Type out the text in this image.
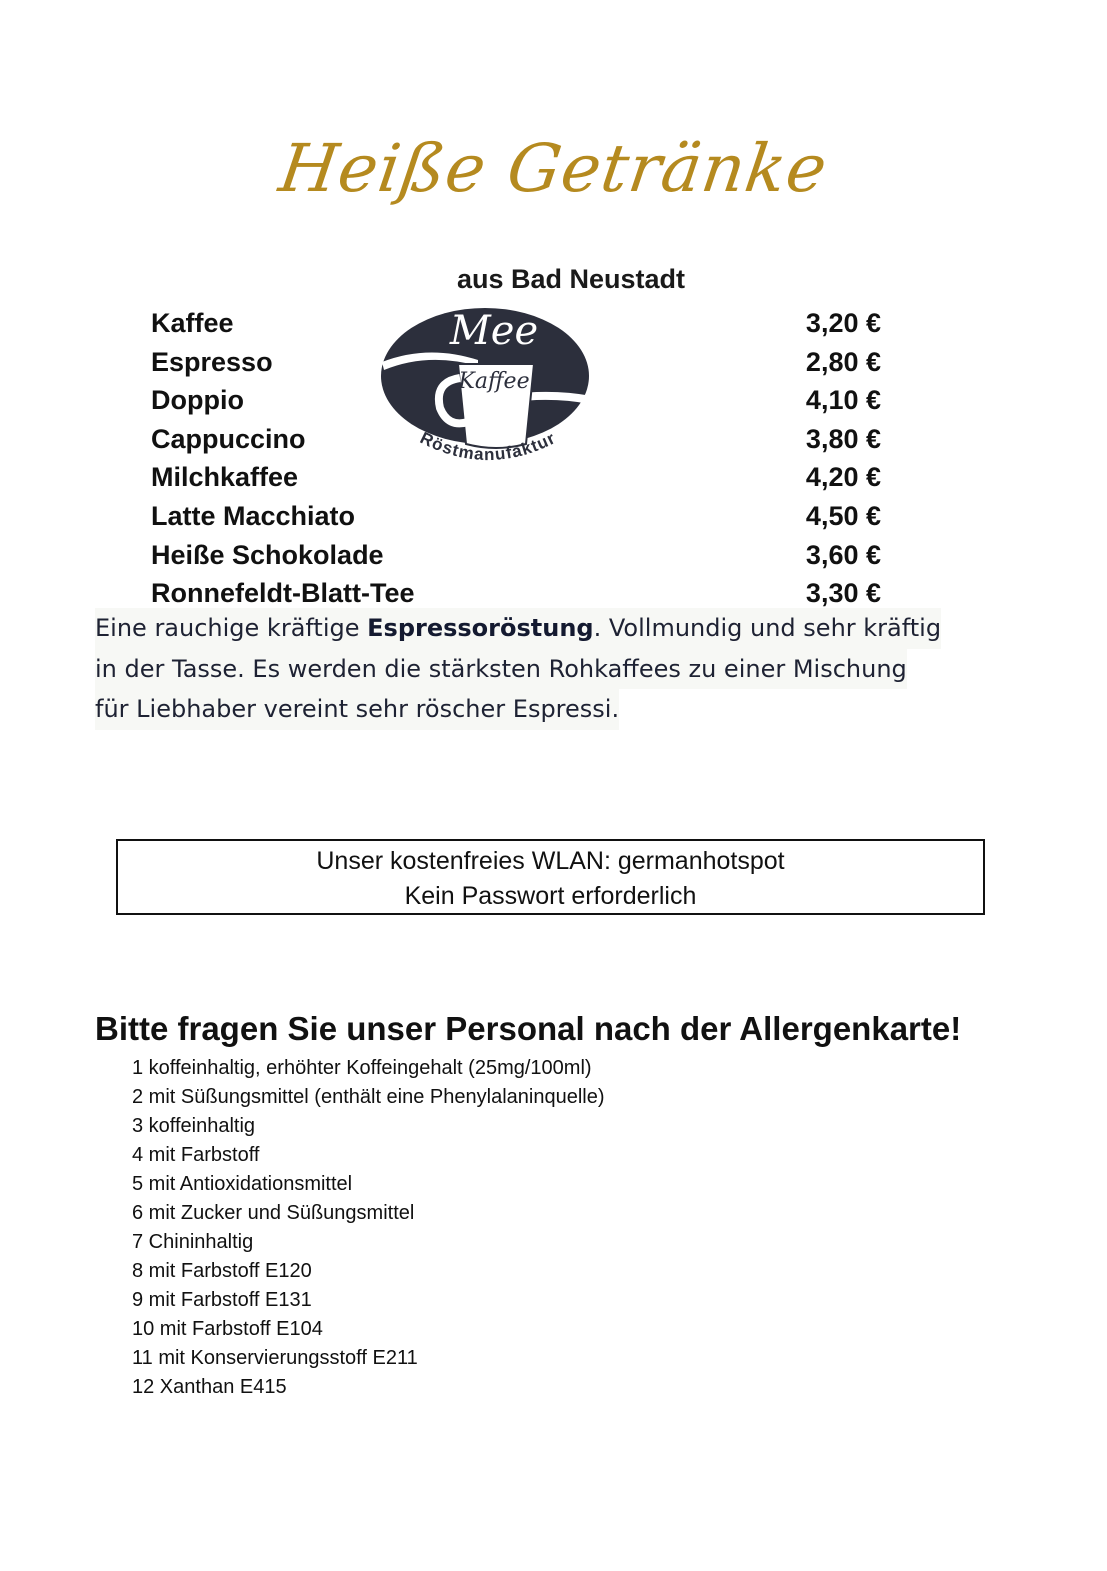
Heiße Getränke
aus Bad Neustadt
Kaffee	3,20 €
Espresso	2,80 €
Doppio	4,10 €
Cappuccino	3,80 €
Milchkaffee	4,20 €
Latte Macchiato	4,50 €
Heiße Schokolade	3,60 €
Ronnefeldt-Blatt-Tee	3,30 €
Mee
Kaffee
Röstmanufaktur
Eine rauchige kräftige Espressoröstung. Vollmundig und sehr kräftig
in der Tasse. Es werden die stärksten Rohkaffees zu einer Mischung
für Liebhaber vereint sehr röscher Espressi.
Unser kostenfreies WLAN: germanhotspot
Kein Passwort erforderlich
Bitte fragen Sie unser Personal nach der Allergenkarte!
1 koffeinhaltig, erhöhter Koffeingehalt (25mg/100ml)
2 mit Süßungsmittel (enthält eine Phenylalaninquelle)
3 koffeinhaltig
4 mit Farbstoff
5 mit Antioxidationsmittel
6 mit Zucker und Süßungsmittel
7 Chininhaltig
8 mit Farbstoff E120
9 mit Farbstoff E131
10 mit Farbstoff E104
11 mit Konservierungsstoff E211
12 Xanthan E415
